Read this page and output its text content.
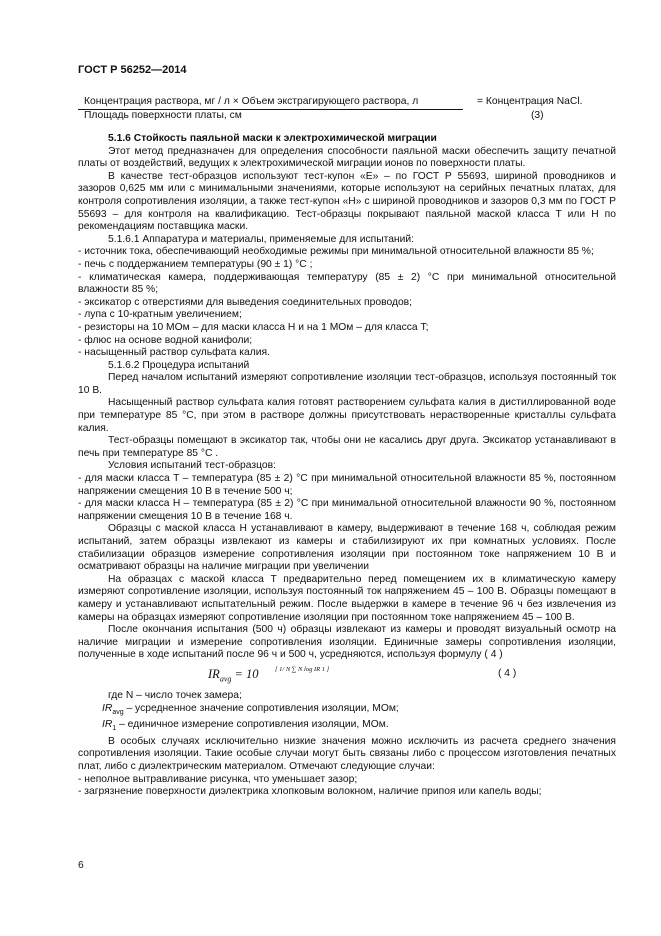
ГОСТ Р 56252—2014
Концентрация раствора, мг / л × Объем экстрагирующего раствора, л
Площадь поверхности платы, см
= Концентрация NaCl.
(3)

5.1.6 Стойкость паяльной маски к электрохимической миграции

Этот метод предназначен для определения способности паяльной маски обеспечить защиту печатной платы от воздействий, ведущих к электрохимической миграции ионов по поверхности платы.

В качестве тест-образцов используют тест-купон «E» – по ГОСТ Р 55693, шириной проводников и зазоров 0,625 мм или с минимальными значениями, которые используют на серийных печатных платах, для контроля сопротивления изоляции, а также тест-купон «H» с шириной проводников и зазоров 0,3 мм по ГОСТ Р 55693 – для контроля на квалификацию. Тест-образцы покрывают паяльной маской класса T или H по рекомендациям поставщика маски.

5.1.6.1 Аппаратура и материалы, применяемые для испытаний:

- источник тока, обеспечивающий необходимые режимы при минимальной относительной влажности 85 %;

- печь с поддержанием температуры (90 ± 1) °C ;

- климатическая камера, поддерживающая температуру (85 ± 2) °C при минимальной относительной влажности 85 %;

- эксикатор с отверстиями для выведения соединительных проводов;

- лупа с 10-кратным увеличением;

- резисторы на 10 МОм – для маски класса H и на 1 МОм – для класса T;

- флюс на основе водной канифоли;

- насыщенный раствор сульфата калия.

5.1.6.2 Процедура испытаний

Перед началом испытаний измеряют сопротивление изоляции тест-образцов, используя постоянный ток 10 В.

Насыщенный раствор сульфата калия готовят растворением сульфата калия в дистиллированной воде при температуре 85 °C, при этом в растворе должны присутствовать нерастворенные кристаллы сульфата калия.

Тест-образцы помещают в эксикатор так, чтобы они не касались друг друга. Эксикатор устанавливают в печь при температуре 85 °C .

Условия испытаний тест-образцов:

- для маски класса T – температура (85 ± 2) °C при минимальной относительной влажности 85 %, постоянном напряжении смещения 10 В в течение 500 ч;

- для маски класса H – температура (85 ± 2) °C при минимальной относительной влажности 90 %, постоянном напряжении смещения 10 В в течение 168 ч.

Образцы с маской класса H устанавливают в камеру, выдерживают в течение 168 ч, соблюдая режим испытаний, затем образцы извлекают из камеры и стабилизируют их при комнатных условиях. После стабилизации образцов измерение сопротивления изоляции при постоянном токе напряжением 10 В и осматривают образцы на наличие миграции при увеличении

На образцах с маской класса T предварительно перед помещением их в климатическую камеру измеряют сопротивление изоляции, используя постоянный ток напряжением 45 – 100 В. Образцы помещают в камеру и устанавливают испытательный режим. После выдержки в камере в течение 96 ч без извлечения из камеры на образцах измеряют сопротивление изоляции при постоянном токе напряжением 45 – 100 В.

После окончания испытания (500 ч) образцы извлекают из камеры и проводят визуальный осмотр на наличие миграции и измерение сопротивления изоляции. Единичные замеры сопротивления изоляции, полученные в ходе испытаний после 96 ч и 500 ч, усредняются, используя формулу ( 4 )

$IR_{avg} = 10$	[ 1/ N ∑ N log IR 1 ]	( 4 )

где N – число точек замера;

$IR_{avg}$ – усредненное значение сопротивления изоляции, МОм;

$IR_1$ – единичное измерение сопротивления изоляции, МОм.

В особых случаях исключительно низкие значения можно исключить из расчета среднего значения сопротивления изоляции. Такие особые случаи могут быть связаны либо с процессом изготовления печатных плат, либо с диэлектрическим материалом. Отмечают следующие случаи:

- неполное вытравливание рисунка, что уменьшает зазор;

- загрязнение поверхности диэлектрика хлопковым волокном, наличие припоя или капель воды;

6
